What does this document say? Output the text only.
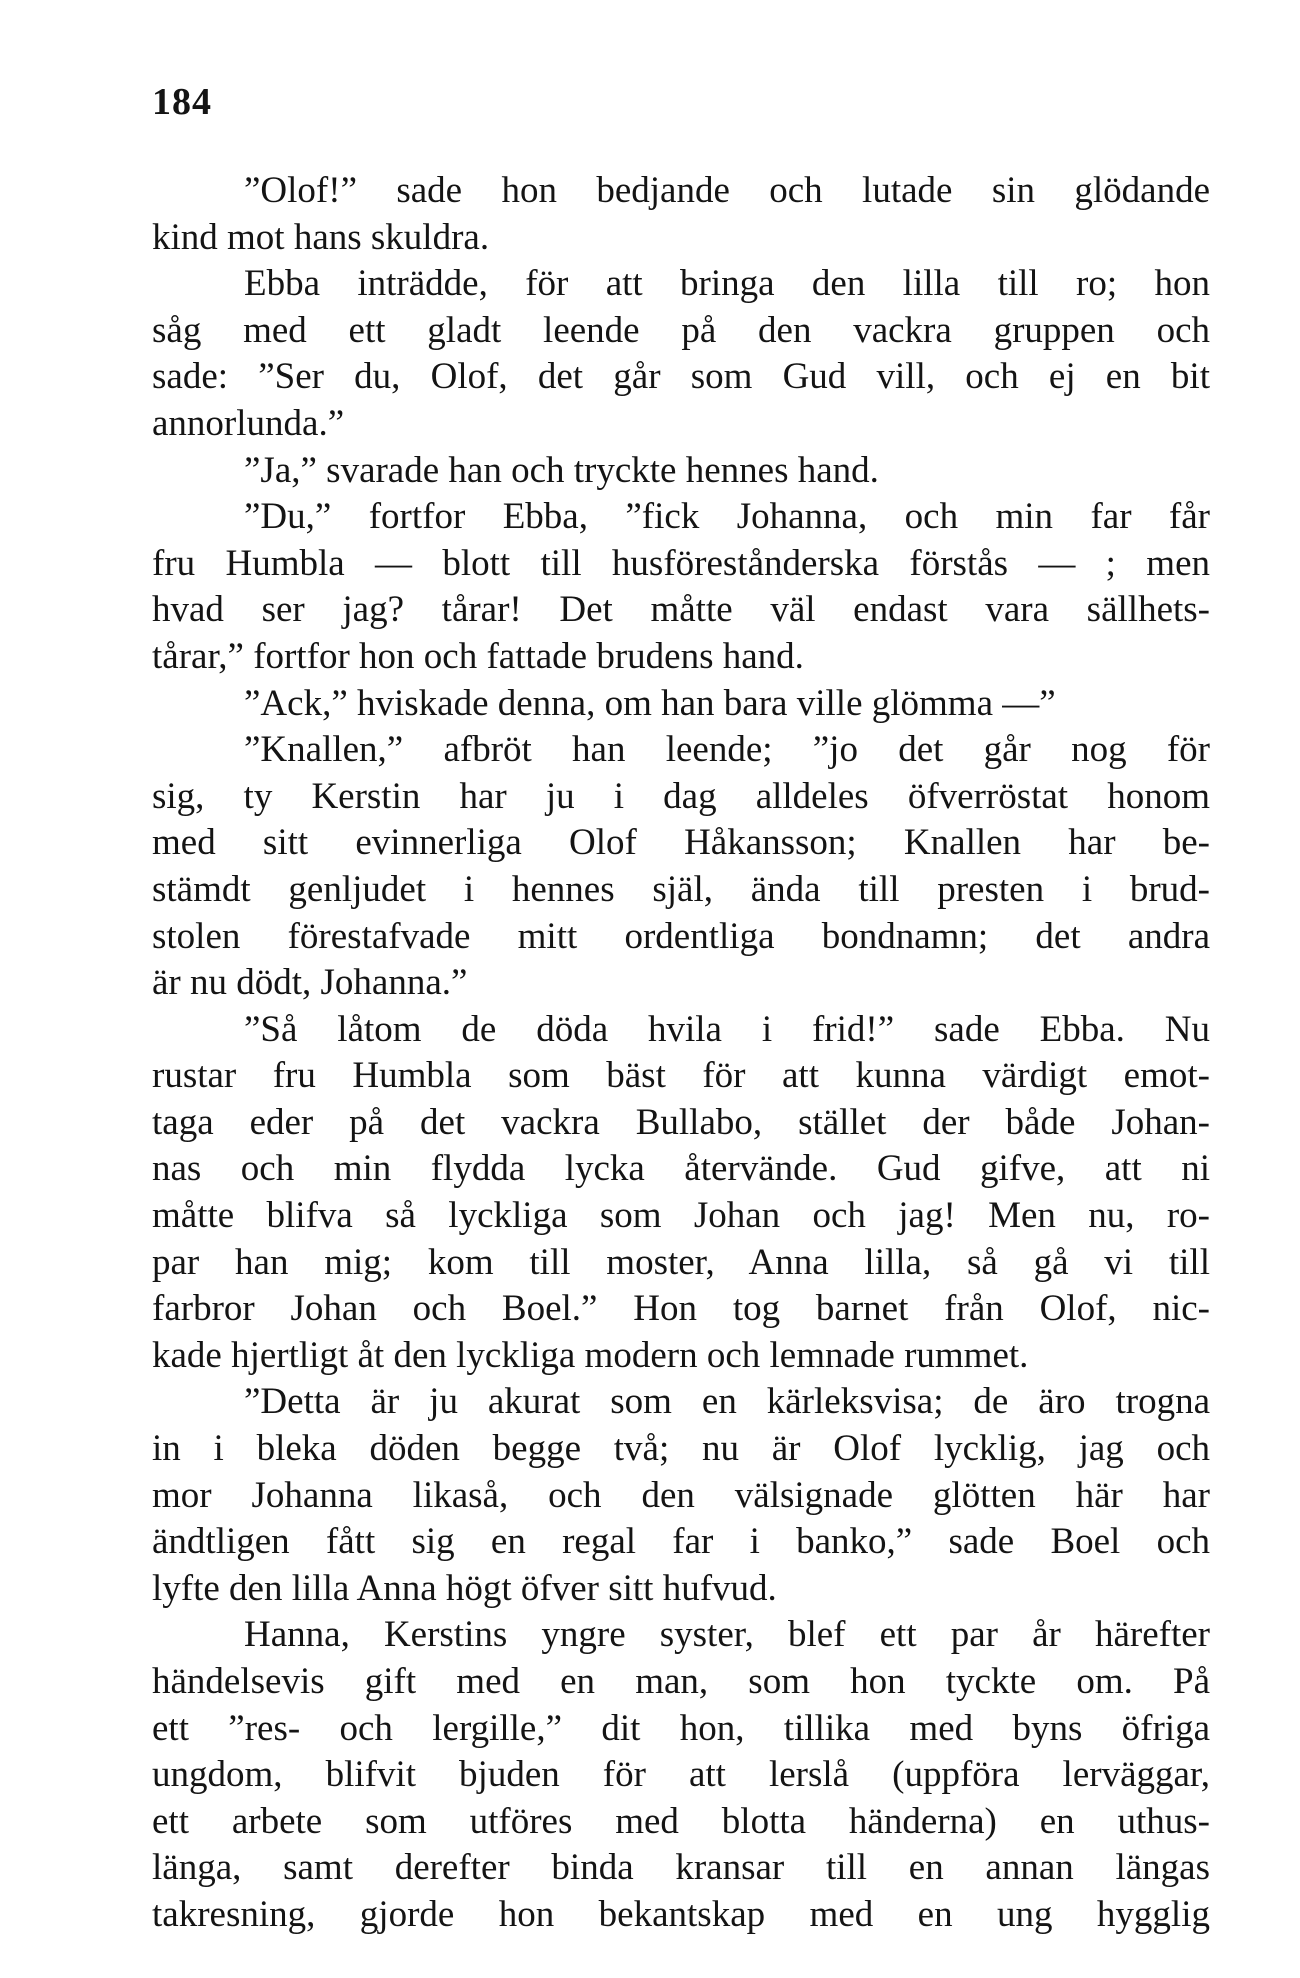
184
”Olof!” sade hon bedjande och lutade sin glödande
kind mot hans skuldra.
Ebba inträdde, för att bringa den lilla till ro; hon
såg med ett gladt leende på den vackra gruppen och
sade: ”Ser du, Olof, det går som Gud vill, och ej en bit
annorlunda.”
”Ja,” svarade han och tryckte hennes hand.
”Du,” fortfor Ebba, ”fick Johanna, och min far får
fru Humbla — blott till husföreståndersk​a förstås — ; men
hvad ser jag? tårar! Det måtte väl endast vara sällhets-
tårar,” fortfor hon och fattade brudens hand.
”Ack,” hviskade denna, om han bara ville glömma —”
”Knallen,” afbröt han leende; ”jo det går nog för
sig, ty Kerstin har ju i dag alldeles öfverröstat honom
med sitt evinnerliga Olof Håkansson; Knallen har be-
stämdt genljudet i hennes själ, ända till presten i brud-
stolen förestafvade mitt ordentliga bondnamn; det andra
är nu dödt, Johanna.”
”Så låtom de döda hvila i frid!” sade Ebba. Nu
rustar fru Humbla som bäst för att kunna värdigt emot-
taga eder på det vackra Bullabo, stället der både Johan-
nas och min flydda lycka återvände. Gud gifve, att ni
måtte blifva så lyckliga som Johan och jag! Men nu, ro-
par han mig; kom till moster, Anna lilla, så gå vi till
farbror Johan och Boel.” Hon tog barnet från Olof, nic-
kade hjertligt åt den lyckliga modern och lemnade rummet.
”Detta är ju akurat som en kärleksvisa; de äro trogna
in i bleka döden begge två; nu är Olof lycklig, jag och
mor Johanna likaså, och den välsignade glötten här har
ändtligen fått sig en regal far i banko,” sade Boel och
lyfte den lilla Anna högt öfver sitt hufvud.
Hanna, Kerstins yngre syster, blef ett par år härefter
händelsevis gift med en man, som hon tyckte om. På
ett ”res- och lergille,” dit hon, tillika med byns öfriga
ungdom, blifvit bjuden för att lerslå (uppföra lerväggar,
ett arbete som utföres med blotta händerna) en uthus-
länga, samt derefter binda kransar till en annan längas
takresning, gjorde hon bekantskap med en ung hygglig
